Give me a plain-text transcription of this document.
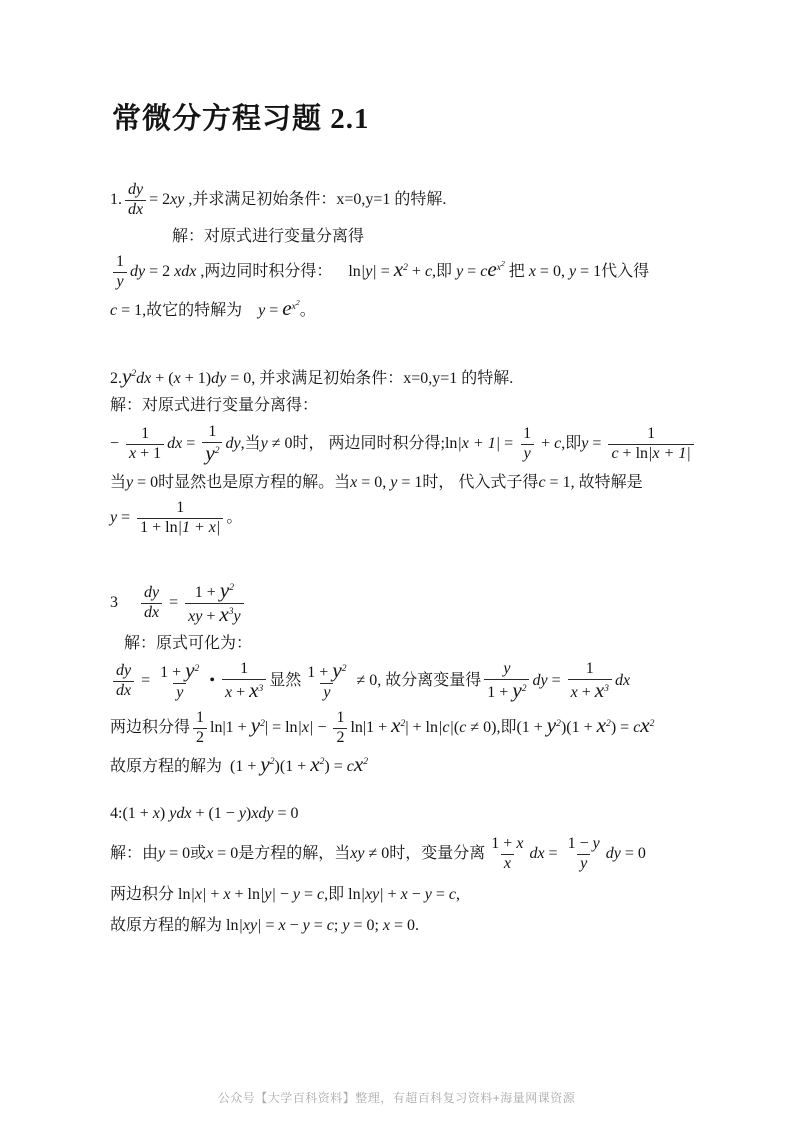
常微分方程习题 2.1
1. $\frac{dy}{dx} = 2xy$ ,并求满足初始条件：x=0,y=1 的特解.
解：对原式进行变量分离得
$\frac{1}{y}$ dy = 2 xdx ,两边同时积分得：    $\ln|y| = x^2 + c$,即 $y = ce^{x2}$ 把 x = 0, y = 1代入得
c = 1,故它的特解为    $y = e^{x2}$。
$2.y^2dx + (x + 1)dy = 0$, 并求满足初始条件：x=0,y=1 的特解.
解：对原式进行变量分离得：
− $\frac{1}{x + 1}$ dx = $\frac{1}{y^2}$ dy,当y ≠ 0时， 两边同时积分得;ln|x + $1| = \frac{1}{y} + c$,即$y = \frac{1}{c + \ln|x + 1|}$
当y = 0时显然也是原方程的解。当x = 0, y = 1时， 代入式子得c = 1, 故特解是
$y = \frac{1}{1 + \ln|1 + x|}$ 。
$3 \frac{dy}{dx} = \frac{1 + y^2}{xy + x^3y}$
解：原式可化为：
$\frac{dy}{dx} = \frac{1 + y^2}{y}$ • $\frac{1}{x + x^3}$ 显然 $\frac{1 + y^2}{y} \ne 0$, 故分离变量得 $\frac{y}{1 + y^2}$ dy = $\frac{1}{x + x^3}$ dx
两边积分得 $\frac{1}{2} \ln|1 + y^2| = \ln|x| - \frac{1}{2} \ln|1 + x^2| + \ln|c|(c \ne 0)$,即$(1 + y^2)(1 + x^2) = cx^2$
故原方程的解为  $(1 + y^2)(1 + x^2) = cx^2$
4:(1 + x) ydx + (1 − y)xdy = 0
解：由y = 0或x = 0是方程的解，当xy ≠ 0时，变量分离 $\frac{1 + x}{x}$ dx = $\frac{1 - y}{y}$ dy = 0
两边积分 ln|x| + x + ln|y| − y = c,即 ln|xy| + x − y = c,
故原方程的解为 ln|xy| = x − y = c; y = 0; x = 0.
公众号【大学百科资料】整理，有超百科复习资料+海量网课资源
